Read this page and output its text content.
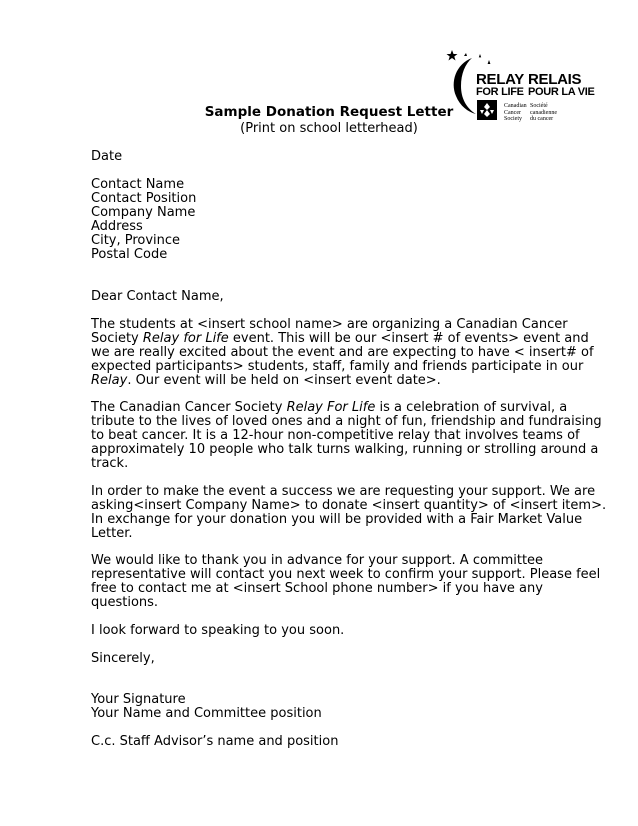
RELAY
FOR LIFE
RELAIS
POUR LA VIE
Canadian
Cancer
Society
Société
canadienne
du cancer
Sample Donation Request Letter
(Print on school letterhead)
Date
Contact Name
Contact Position
Company Name
Address
City, Province
Postal Code
Dear Contact Name,
The students at <insert school name> are organizing a Canadian Cancer
Society Relay for Life event. This will be our <insert # of events> event and
we are really excited about the event and are expecting to have < insert# of
expected participants> students, staff, family and friends participate in our
Relay. Our event will be held on <insert event date>.
The Canadian Cancer Society Relay For Life is a celebration of survival, a
tribute to the lives of loved ones and a night of fun, friendship and fundraising
to beat cancer. It is a 12-hour non-competitive relay that involves teams of
approximately 10 people who talk turns walking, running or strolling around a
track.
In order to make the event a success we are requesting your support. We are
asking<insert Company Name> to donate <insert quantity> of <insert item>.
In exchange for your donation you will be provided with a Fair Market Value
Letter.
We would like to thank you in advance for your support. A committee
representative will contact you next week to confirm your support. Please feel
free to contact me at <insert School phone number> if you have any
questions.
I look forward to speaking to you soon.
Sincerely,
Your Signature
Your Name and Committee position
C.c. Staff Advisor’s name and position
